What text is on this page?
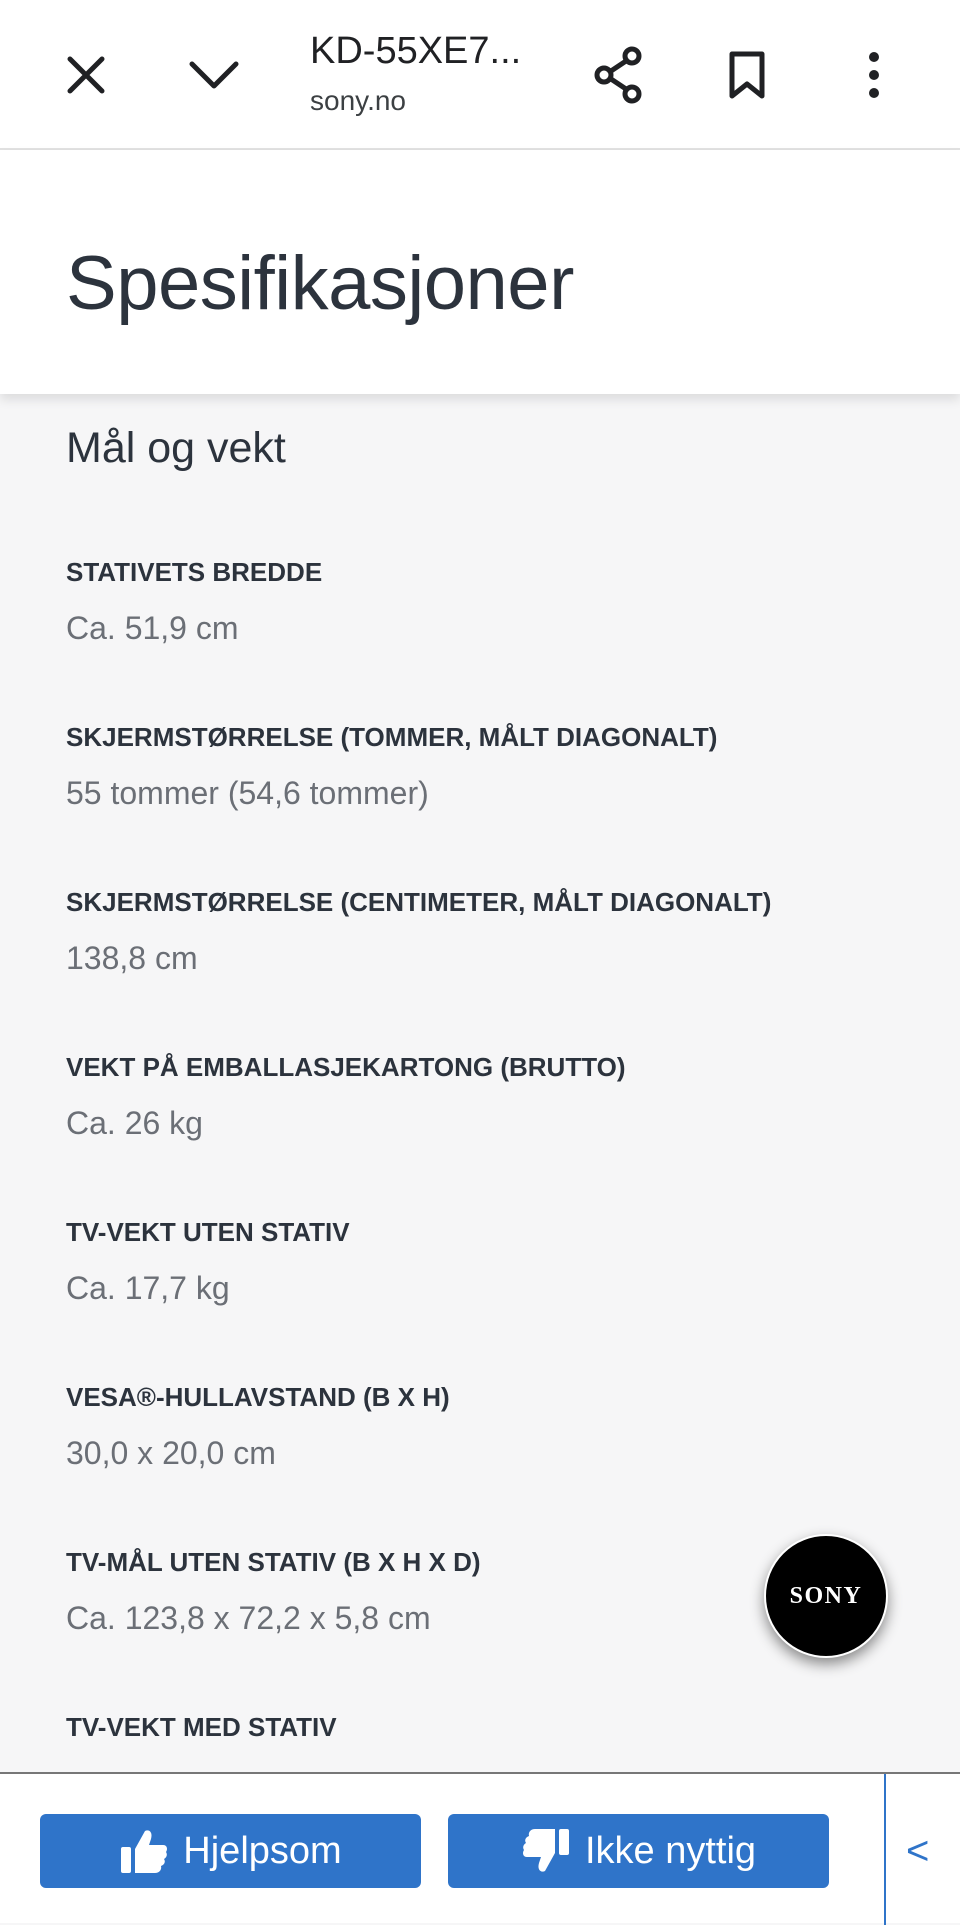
KD-55XE7...
sony.no
Spesifikasjoner
Mål og vekt
STATIVETS BREDDE
Ca. 51,9 cm
SKJERMSTØRRELSE (TOMMER, MÅLT DIAGONALT)
55 tommer (54,6 tommer)
SKJERMSTØRRELSE (CENTIMETER, MÅLT DIAGONALT)
138,8 cm
VEKT PÅ EMBALLASJEKARTONG (BRUTTO)
Ca. 26 kg
TV-VEKT UTEN STATIV
Ca. 17,7 kg
VESA®-HULLAVSTAND (B X H)
30,0 x 20,0 cm
TV-MÅL UTEN STATIV (B X H X D)
Ca. 123,8 x 72,2 x 5,8 cm
TV-VEKT MED STATIV
SONY
Hjelpsom	Ikke nyttig	<
